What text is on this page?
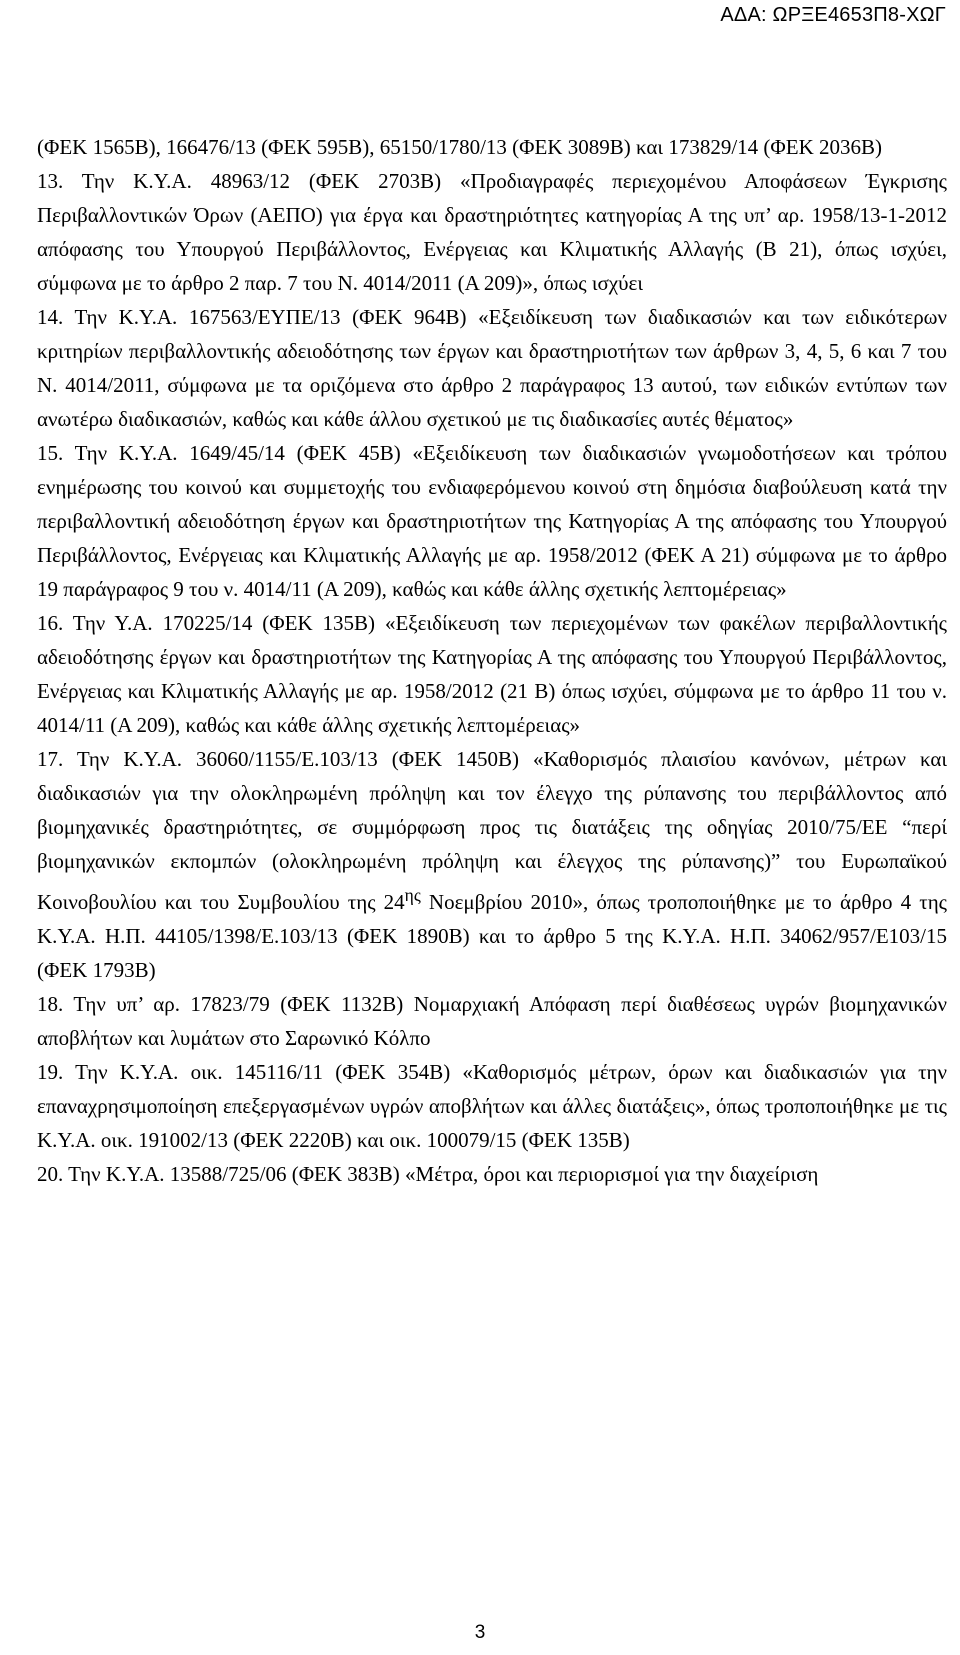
ΑΔΑ: ΩΡΞΕ4653Π8-ΧΩΓ

(ΦΕΚ 1565Β), 166476/13 (ΦΕΚ 595Β), 65150/1780/13 (ΦΕΚ 3089Β) και 173829/14 (ΦΕΚ 2036Β)

13. Την Κ.Υ.Α. 48963/12 (ΦΕΚ 2703Β) «Προδιαγραφές περιεχομένου Αποφάσεων Έγκρισης Περιβαλλοντικών Όρων (ΑΕΠΟ) για έργα και δραστηριότητες κατηγορίας Α της υπ’ αρ. 1958/13-1-2012 απόφασης του Υπουργού Περιβάλλοντος, Ενέργειας και Κλιματικής Αλλαγής (Β 21), όπως ισχύει, σύμφωνα με το άρθρο 2 παρ. 7 του Ν. 4014/2011 (Α 209)», όπως ισχύει

14. Την Κ.Υ.Α. 167563/ΕΥΠΕ/13 (ΦΕΚ 964Β) «Εξειδίκευση των διαδικασιών και των ειδικότερων κριτηρίων περιβαλλοντικής αδειοδότησης των έργων και δραστηριοτήτων των άρθρων 3, 4, 5, 6 και 7 του Ν. 4014/2011, σύμφωνα με τα οριζόμενα στο άρθρο 2 παράγραφος 13 αυτού, των ειδικών εντύπων των ανωτέρω διαδικασιών, καθώς και κάθε άλλου σχετικού με τις διαδικασίες αυτές θέματος»

15. Την Κ.Υ.Α. 1649/45/14 (ΦΕΚ 45Β) «Εξειδίκευση των διαδικασιών γνωμοδοτήσεων και τρόπου ενημέρωσης του κοινού και συμμετοχής του ενδιαφερόμενου κοινού στη δημόσια διαβούλευση κατά την περιβαλλοντική αδειοδότηση έργων και δραστηριοτήτων της Κατηγορίας Α της απόφασης του Υπουργού Περιβάλλοντος, Ενέργειας και Κλιματικής Αλλαγής με αρ. 1958/2012 (ΦΕΚ Α 21) σύμφωνα με το άρθρο 19 παράγραφος 9 του ν. 4014/11 (Α 209), καθώς και κάθε άλλης σχετικής λεπτομέρειας»

16. Την Υ.Α. 170225/14 (ΦΕΚ 135Β) «Εξειδίκευση των περιεχομένων των φακέλων περιβαλλοντικής αδειοδότησης έργων και δραστηριοτήτων της Κατηγορίας Α της απόφασης του Υπουργού Περιβάλλοντος, Ενέργειας και Κλιματικής Αλλαγής με αρ. 1958/2012 (21 Β) όπως ισχύει, σύμφωνα με το άρθρο 11 του ν. 4014/11 (Α 209), καθώς και κάθε άλλης σχετικής λεπτομέρειας»

17. Την Κ.Υ.Α. 36060/1155/Ε.103/13 (ΦΕΚ 1450Β) «Καθορισμός πλαισίου κανόνων, μέτρων και διαδικασιών για την ολοκληρωμένη πρόληψη και τον έλεγχο της ρύπανσης του περιβάλλοντος από βιομηχανικές δραστηριότητες, σε συμμόρφωση προς τις διατάξεις της οδηγίας 2010/75/ΕΕ “περί βιομηχανικών εκπομπών (ολοκληρωμένη πρόληψη και έλεγχος της ρύπανσης)” του Ευρωπαϊκού Κοινοβουλίου και του Συμβουλίου της $24^{\eta\varsigma}$ Νοεμβρίου 2010», όπως τροποποιήθηκε με το άρθρο 4 της Κ.Υ.Α. Η.Π. 44105/1398/Ε.103/13 (ΦΕΚ 1890Β) και το άρθρο 5 της Κ.Υ.Α. Η.Π. 34062/957/Ε103/15 (ΦΕΚ 1793Β)

18. Την υπ’ αρ. 17823/79 (ΦΕΚ 1132Β) Νομαρχιακή Απόφαση περί διαθέσεως υγρών βιομηχανικών αποβλήτων και λυμάτων στο Σαρωνικό Κόλπο

19. Την Κ.Υ.Α. οικ. 145116/11 (ΦΕΚ 354Β) «Καθορισμός μέτρων, όρων και διαδικασιών για την επαναχρησιμοποίηση επεξεργασμένων υγρών αποβλήτων και άλλες διατάξεις», όπως τροποποιήθηκε με τις Κ.Υ.Α. οικ. 191002/13 (ΦΕΚ 2220Β) και οικ. 100079/15 (ΦΕΚ 135Β)

20. Την Κ.Υ.Α. 13588/725/06 (ΦΕΚ 383Β) «Μέτρα, όροι και περιορισμοί για την διαχείριση

3
